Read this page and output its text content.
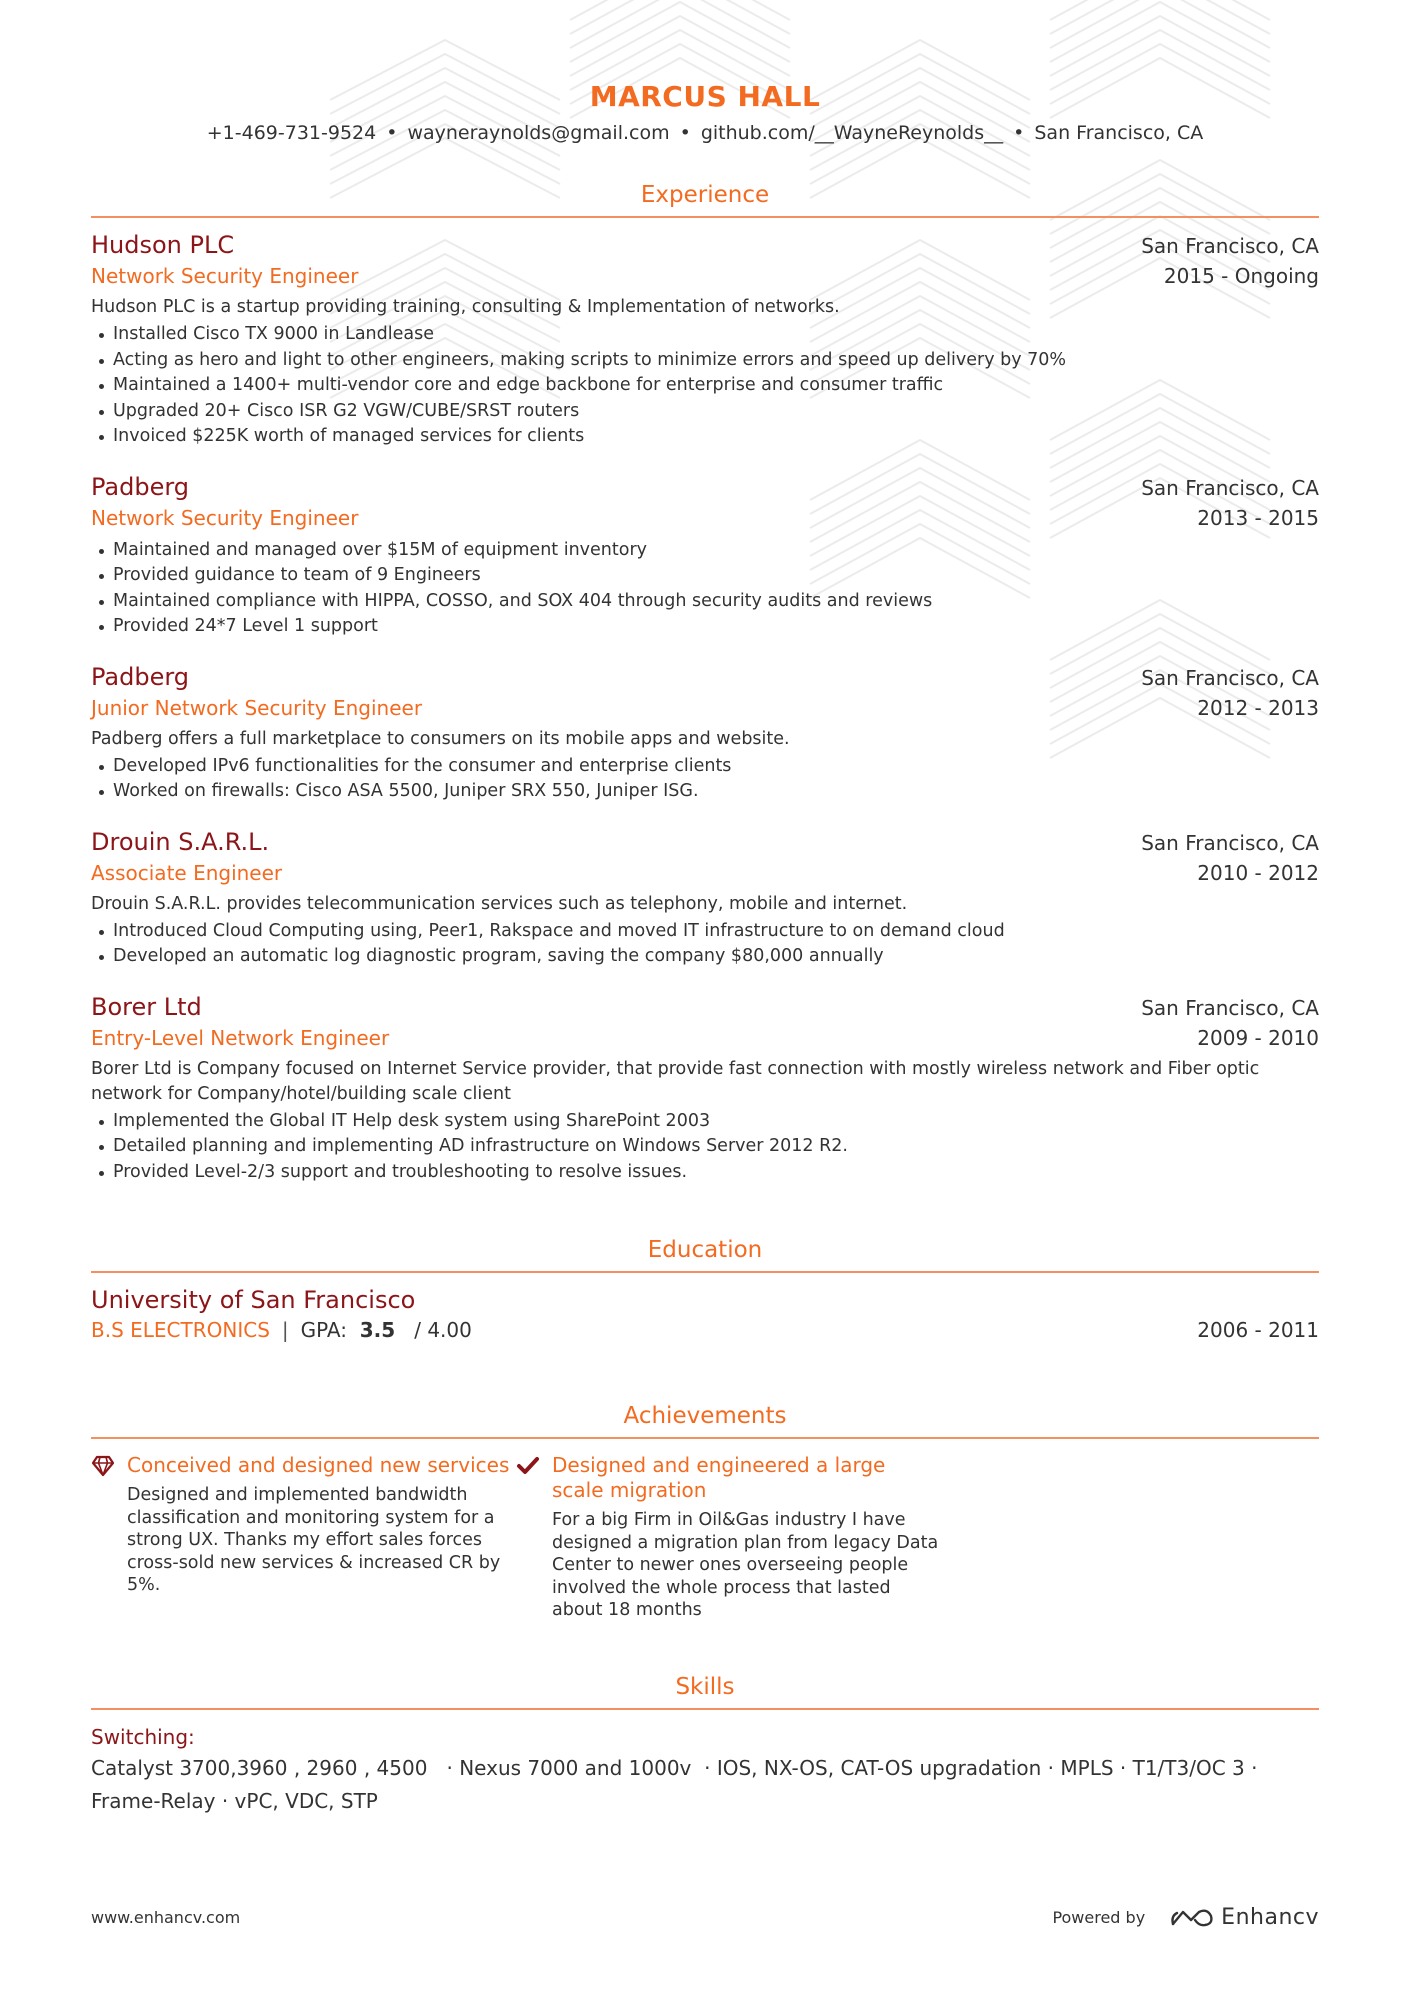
MARCUS HALL
+1-469-731-9524 • wayneraynolds@gmail.com • github.com/__WayneReynolds__ • San Francisco, CA
Experience
Hudson PLC	San Francisco, CA
Network Security Engineer	2015 - Ongoing
Hudson PLC is a startup providing training, consulting & Implementation of networks.
Installed Cisco TX 9000 in Landlease
Acting as hero and light to other engineers, making scripts to minimize errors and speed up delivery by 70%
Maintained a 1400+ multi-vendor core and edge backbone for enterprise and consumer traffic
Upgraded 20+ Cisco ISR G2 VGW/CUBE/SRST routers
Invoiced $225K worth of managed services for clients
Padberg	San Francisco, CA
Network Security Engineer	2013 - 2015
Maintained and managed over $15M of equipment inventory
Provided guidance to team of 9 Engineers
Maintained compliance with HIPPA, COSSO, and SOX 404 through security audits and reviews
Provided 24*7 Level 1 support
Padberg	San Francisco, CA
Junior Network Security Engineer	2012 - 2013
Padberg offers a full marketplace to consumers on its mobile apps and website.
Developed IPv6 functionalities for the consumer and enterprise clients
Worked on firewalls: Cisco ASA 5500, Juniper SRX 550, Juniper ISG.
Drouin S.A.R.L.	San Francisco, CA
Associate Engineer	2010 - 2012
Drouin S.A.R.L. provides telecommunication services such as telephony, mobile and internet.
Introduced Cloud Computing using, Peer1, Rakspace and moved IT infrastructure to on demand cloud
Developed an automatic log diagnostic program, saving the company $80,000 annually
Borer Ltd	San Francisco, CA
Entry-Level Network Engineer	2009 - 2010
Borer Ltd is Company focused on Internet Service provider, that provide fast connection with mostly wireless network and Fiber optic network for Company/hotel/building scale client
Implemented the Global IT Help desk system using SharePoint 2003
Detailed planning and implementing AD infrastructure on Windows Server 2012 R2.
Provided Level-2/3 support and troubleshooting to resolve issues.
Education
University of San Francisco
B.S ELECTRONICS | GPA: 3.5 / 4.00	2006 - 2011
Achievements
Conceived and designed new services
Designed and implemented bandwidth classification and monitoring system for a strong UX. Thanks my effort sales forces cross-sold new services & increased CR by 5%.
Designed and engineered a large scale migration
For a big Firm in Oil&Gas industry I have designed a migration plan from legacy Data Center to newer ones overseeing people involved the whole process that lasted about 18 months
Skills
Switching:
Catalyst 3700,3960 , 2960 , 4500   · Nexus 7000 and 1000v  · IOS, NX-OS, CAT-OS upgradation · MPLS · T1/T3/OC 3 · Frame-Relay · vPC, VDC, STP
www.enhancv.com	Powered by	Enhancv
